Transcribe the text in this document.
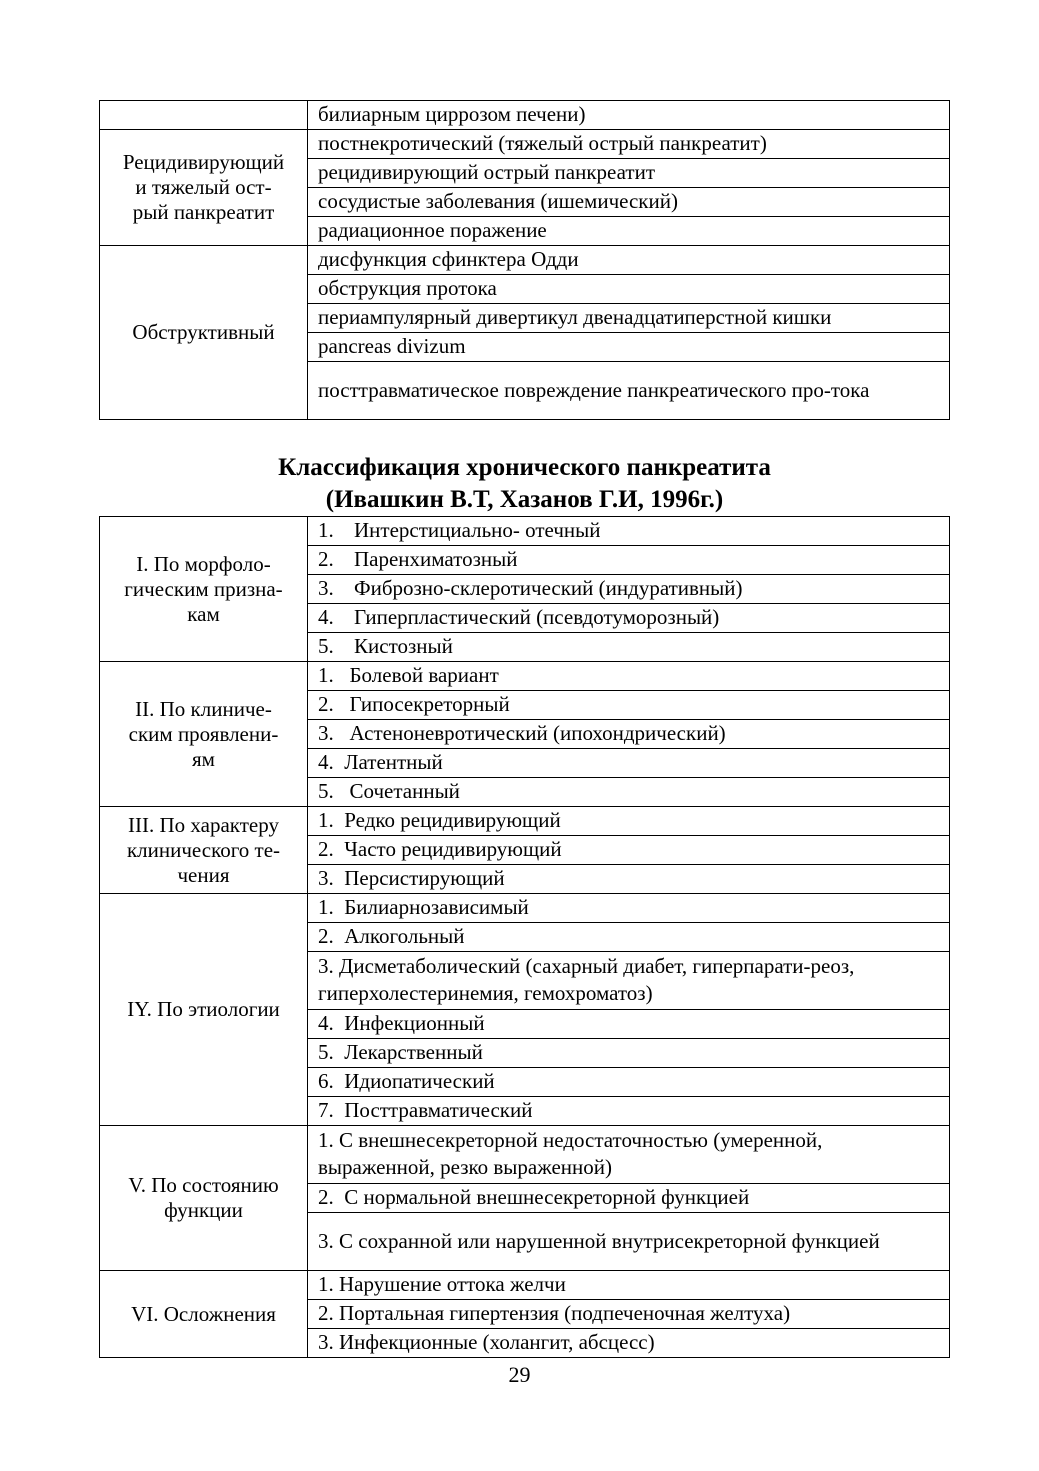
	билиарным циррозом печени)
Рецидивирующий
и тяжелый ост-
рый панкреатит	постнекротический (тяжелый острый панкреатит)
	рецидивирующий острый панкреатит
	сосудистые заболевания (ишемический)
	радиационное поражение
Обструктивный	дисфункция сфинктера Одди
	обструкция протока
	периампулярный дивертикул двенадцатиперстной кишки
	pancreas divizum
	посттравматическое повреждение панкреатического про-тока
Классификация хронического панкреатита
(Ивашкин В.Т, Хазанов Г.И, 1996г.)
I. По морфоло-
гическим призна-
кам	1. Интерстициально- отечный
	2. Паренхиматозный
	3. Фиброзно-склеротический (индуративный)
	4. Гиперпластический (псевдотуморозный)
	5. Кистозный
II. По клиниче-
ским проявлени-
ям	1.   Болевой вариант
	2.   Гипосекреторный
	3.   Астеноневротический (ипохондрический)
	4.  Латентный
	5.   Сочетанный
III. По характеру
клинического те-
чения	1.  Редко рецидивирующий
	2.  Часто рецидивирующий
	3.  Персистирующий
IY. По этиологии	1.  Билиарнозависимый
	2.  Алкогольный
	3. Дисметаболический (сахарный диабет, гиперпарати-реоз, гиперхолестеринемия, гемохроматоз)
	4.  Инфекционный
	5.  Лекарственный
	6.  Идиопатический
	7.  Посттравматический
V. По состоянию
функции	1. С внешнесекреторной недостаточностью (умеренной, выраженной, резко выраженной)
	2.  С нормальной внешнесекреторной функцией
	3. С сохранной или нарушенной внутрисекреторной функцией
VI. Осложнения	1. Нарушение оттока желчи
	2. Портальная гипертензия (подпеченочная желтуха)
	3. Инфекционные (холангит, абсцесс)
29
